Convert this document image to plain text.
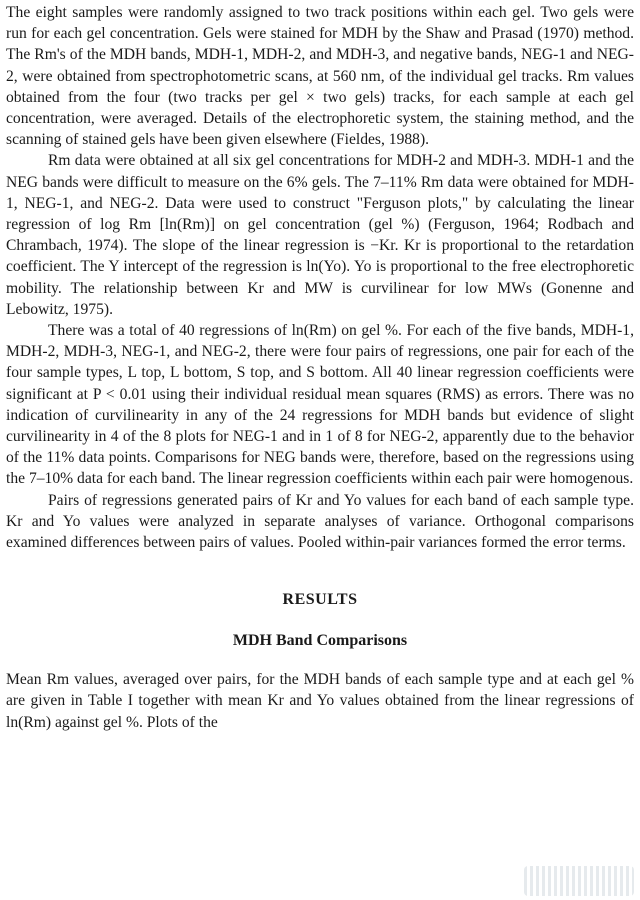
The eight samples were randomly assigned to two track positions within each gel. Two gels were run for each gel concentration. Gels were stained for MDH by the Shaw and Prasad (1970) method. The Rm's of the MDH bands, MDH-1, MDH-2, and MDH-3, and negative bands, NEG-1 and NEG-2, were obtained from spectrophotometric scans, at 560 nm, of the individual gel tracks. Rm values obtained from the four (two tracks per gel × two gels) tracks, for each sample at each gel concentration, were averaged. Details of the electrophoretic system, the staining method, and the scanning of stained gels have been given elsewhere (Fieldes, 1988).

Rm data were obtained at all six gel concentrations for MDH-2 and MDH-3. MDH-1 and the NEG bands were difficult to measure on the 6% gels. The 7–11% Rm data were obtained for MDH-1, NEG-1, and NEG-2. Data were used to construct "Ferguson plots," by calculating the linear regression of log Rm [ln(Rm)] on gel concentration (gel %) (Ferguson, 1964; Rodbach and Chrambach, 1974). The slope of the linear regression is −Kr. Kr is proportional to the retardation coefficient. The Y intercept of the regression is ln(Yo). Yo is proportional to the free electrophoretic mobility. The relationship between Kr and MW is curvilinear for low MWs (Gonenne and Lebowitz, 1975).

There was a total of 40 regressions of ln(Rm) on gel %. For each of the five bands, MDH-1, MDH-2, MDH-3, NEG-1, and NEG-2, there were four pairs of regressions, one pair for each of the four sample types, L top, L bottom, S top, and S bottom. All 40 linear regression coefficients were significant at P < 0.01 using their individual residual mean squares (RMS) as errors. There was no indication of curvilinearity in any of the 24 regressions for MDH bands but evidence of slight curvilinearity in 4 of the 8 plots for NEG-1 and in 1 of 8 for NEG-2, apparently due to the behavior of the 11% data points. Comparisons for NEG bands were, therefore, based on the regressions using the 7–10% data for each band. The linear regression coefficients within each pair were homogenous.

Pairs of regressions generated pairs of Kr and Yo values for each band of each sample type. Kr and Yo values were analyzed in separate analyses of variance. Orthogonal comparisons examined differences between pairs of values. Pooled within-pair variances formed the error terms.

RESULTS
MDH Band Comparisons

Mean Rm values, averaged over pairs, for the MDH bands of each sample type and at each gel % are given in Table I together with mean Kr and Yo values obtained from the linear regressions of ln(Rm) against gel %. Plots of the
